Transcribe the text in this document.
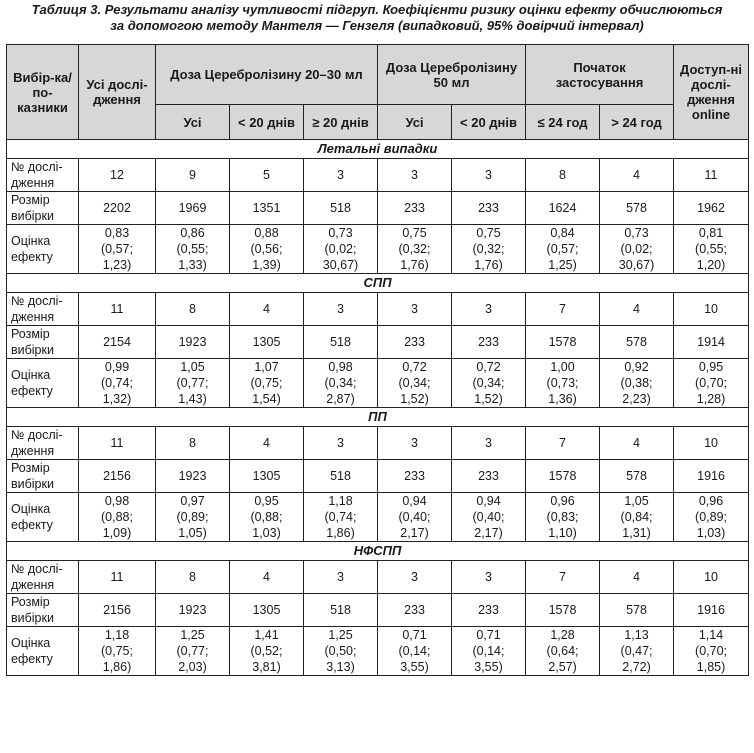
Таблиця 3. Результати аналізу чутливості підгруп. Коефіцієнти ризику оцінки ефекту обчислюються
за допомогою методу Мантеля — Гензеля (випадковий, 95% довірчий інтервал)
Вибір-ка/по-казники	Усі дослі-дження	Доза Церебролізину 20–30 мл			Доза Церебролізину 50 мл		Початок застосування		Доступ-ні дослі-дження online
		Усі	< 20 днів	≥ 20 днів	Усі	< 20 днів	≤ 24 год	> 24 год	
Летальні випадки									
№ дослі-дження	12	9	5	3	3	3	8	4	11
Розмір вибірки	2202	1969	1351	518	233	233	1624	578	1962
Оцінка ефекту	0,83
(0,57;
1,23)	0,86
(0,55;
1,33)	0,88
(0,56;
1,39)	0,73
(0,02;
30,67)	0,75
(0,32;
1,76)	0,75
(0,32;
1,76)	0,84
(0,57;
1,25)	0,73
(0,02;
30,67)	0,81
(0,55;
1,20)

СПП									
№ дослі-дження	11	8	4	3	3	3	7	4	10
Розмір вибірки	2154	1923	1305	518	233	233	1578	578	1914
Оцінка ефекту	0,99
(0,74;
1,32)	1,05
(0,77;
1,43)	1,07
(0,75;
1,54)	0,98
(0,34;
2,87)	0,72
(0,34;
1,52)	0,72
(0,34;
1,52)	1,00
(0,73;
1,36)	0,92
(0,38;
2,23)	0,95
(0,70;
1,28)

ПП									
№ дослі-дження	11	8	4	3	3	3	7	4	10
Розмір вибірки	2156	1923	1305	518	233	233	1578	578	1916
Оцінка ефекту	0,98
(0,88;
1,09)	0,97
(0,89;
1,05)	0,95
(0,88;
1,03)	1,18
(0,74;
1,86)	0,94
(0,40;
2,17)	0,94
(0,40;
2,17)	0,96
(0,83;
1,10)	1,05
(0,84;
1,31)	0,96
(0,89;
1,03)

НФСПП									
№ дослі-дження	11	8	4	3	3	3	7	4	10
Розмір вибірки	2156	1923	1305	518	233	233	1578	578	1916
Оцінка ефекту	1,18
(0,75;
1,86)	1,25
(0,77;
2,03)	1,41
(0,52;
3,81)	1,25
(0,50;
3,13)	0,71
(0,14;
3,55)	0,71
(0,14;
3,55)	1,28
(0,64;
2,57)	1,13
(0,47;
2,72)	1,14
(0,70;
1,85)
